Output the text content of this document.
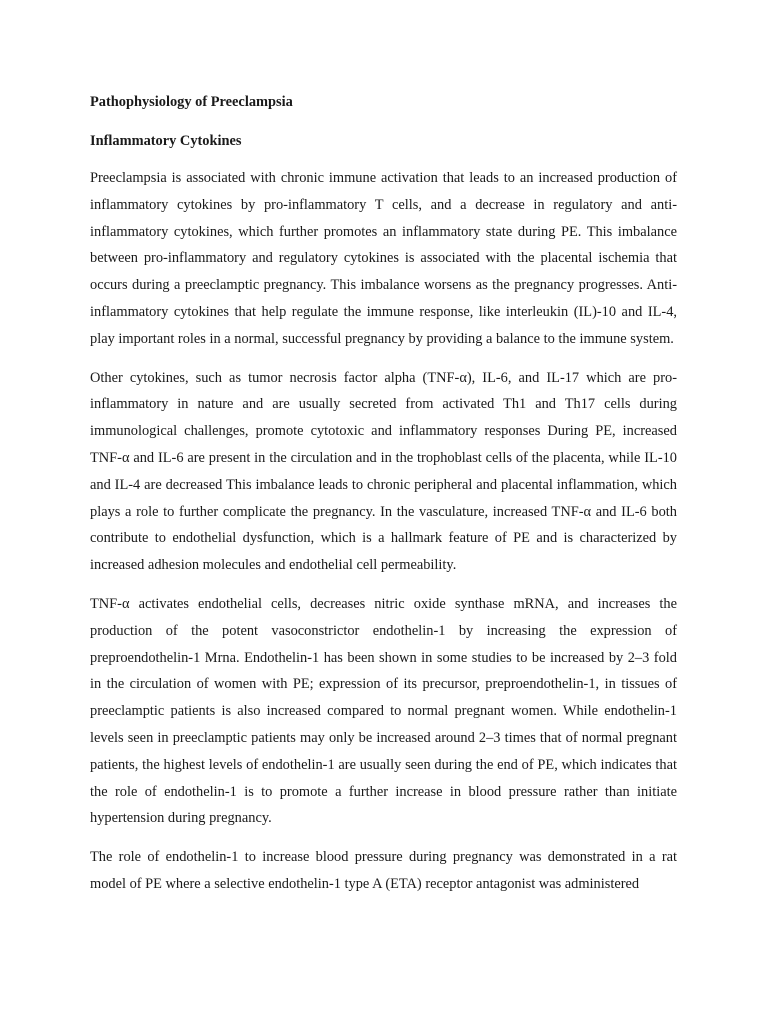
Pathophysiology of Preeclampsia

Inflammatory Cytokines

Preeclampsia is associated with chronic immune activation that leads to an increased production of inflammatory cytokines by pro-inflammatory T cells, and a decrease in regulatory and anti-inflammatory cytokines, which further promotes an inflammatory state during PE. This imbalance between pro-inflammatory and regulatory cytokines is associated with the placental ischemia that occurs during a preeclamptic pregnancy. This imbalance worsens as the pregnancy progresses. Anti-inflammatory cytokines that help regulate the immune response, like interleukin (IL)-10 and IL-4, play important roles in a normal, successful pregnancy by providing a balance to the immune system.

Other cytokines, such as tumor necrosis factor alpha (TNF-α), IL-6, and IL-17 which are pro-inflammatory in nature and are usually secreted from activated Th1 and Th17 cells during immunological challenges, promote cytotoxic and inflammatory responses During PE, increased TNF-α and IL-6 are present in the circulation and in the trophoblast cells of the placenta, while IL-10 and IL-4 are decreased This imbalance leads to chronic peripheral and placental inflammation, which plays a role to further complicate the pregnancy. In the vasculature, increased TNF-α and IL-6 both contribute to endothelial dysfunction, which is a hallmark feature of PE and is characterized by increased adhesion molecules and endothelial cell permeability.

TNF-α activates endothelial cells, decreases nitric oxide synthase mRNA, and increases the production of the potent vasoconstrictor endothelin-1 by increasing the expression of preproendothelin-1 Mrna. Endothelin-1 has been shown in some studies to be increased by 2–3 fold in the circulation of women with PE; expression of its precursor, preproendothelin-1, in tissues of preeclamptic patients is also increased compared to normal pregnant women. While endothelin-1 levels seen in preeclamptic patients may only be increased around 2–3 times that of normal pregnant patients, the highest levels of endothelin-1 are usually seen during the end of PE, which indicates that the role of endothelin-1 is to promote a further increase in blood pressure rather than initiate hypertension during pregnancy.

The role of endothelin-1 to increase blood pressure during pregnancy was demonstrated in a rat model of PE where a selective endothelin-1 type A (ETA) receptor antagonist was administered
